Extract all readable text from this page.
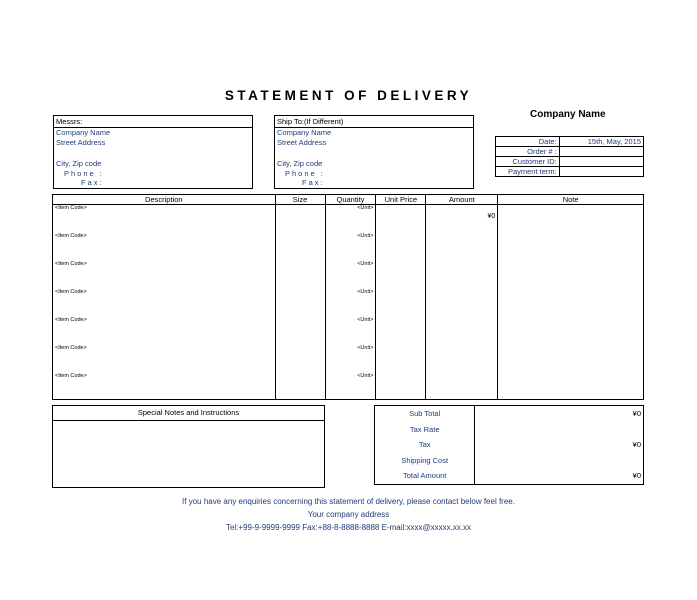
STATEMENT OF DELIVERY
Company Name
Messrs:
Company Name
Street Address
City, Zip code
Phone :
Fax:
Ship To:(If Different)
Company Name
Street Address
City, Zip code
Phone :
Fax:
Date:	15th, May, 2015
Order # :	
Customer ID:	
Payment term:	
Description	Size	Quantity	Unit Price	Amount	Note
<Item Code>		<Unit>		¥0	
<Item Code>		<Unit>			
<Item Code>		<Unit>			
<Item Code>		<Unit>			
<Item Code>		<Unit>			
<Item Code>		<Unit>			
<Item Code>		<Unit>			
Special Notes and Instructions	Sub Total	¥0
Tax Rate	
Tax	¥0
Shipping Cost	
Total Amount	¥0
If you have any enquiries concerning this statement of delivery, please contact below feel free.
Your company address
Tel:+99-9-9999-9999 Fax:+88-8-8888-8888 E-mail:xxxx@xxxxx.xx.xx
